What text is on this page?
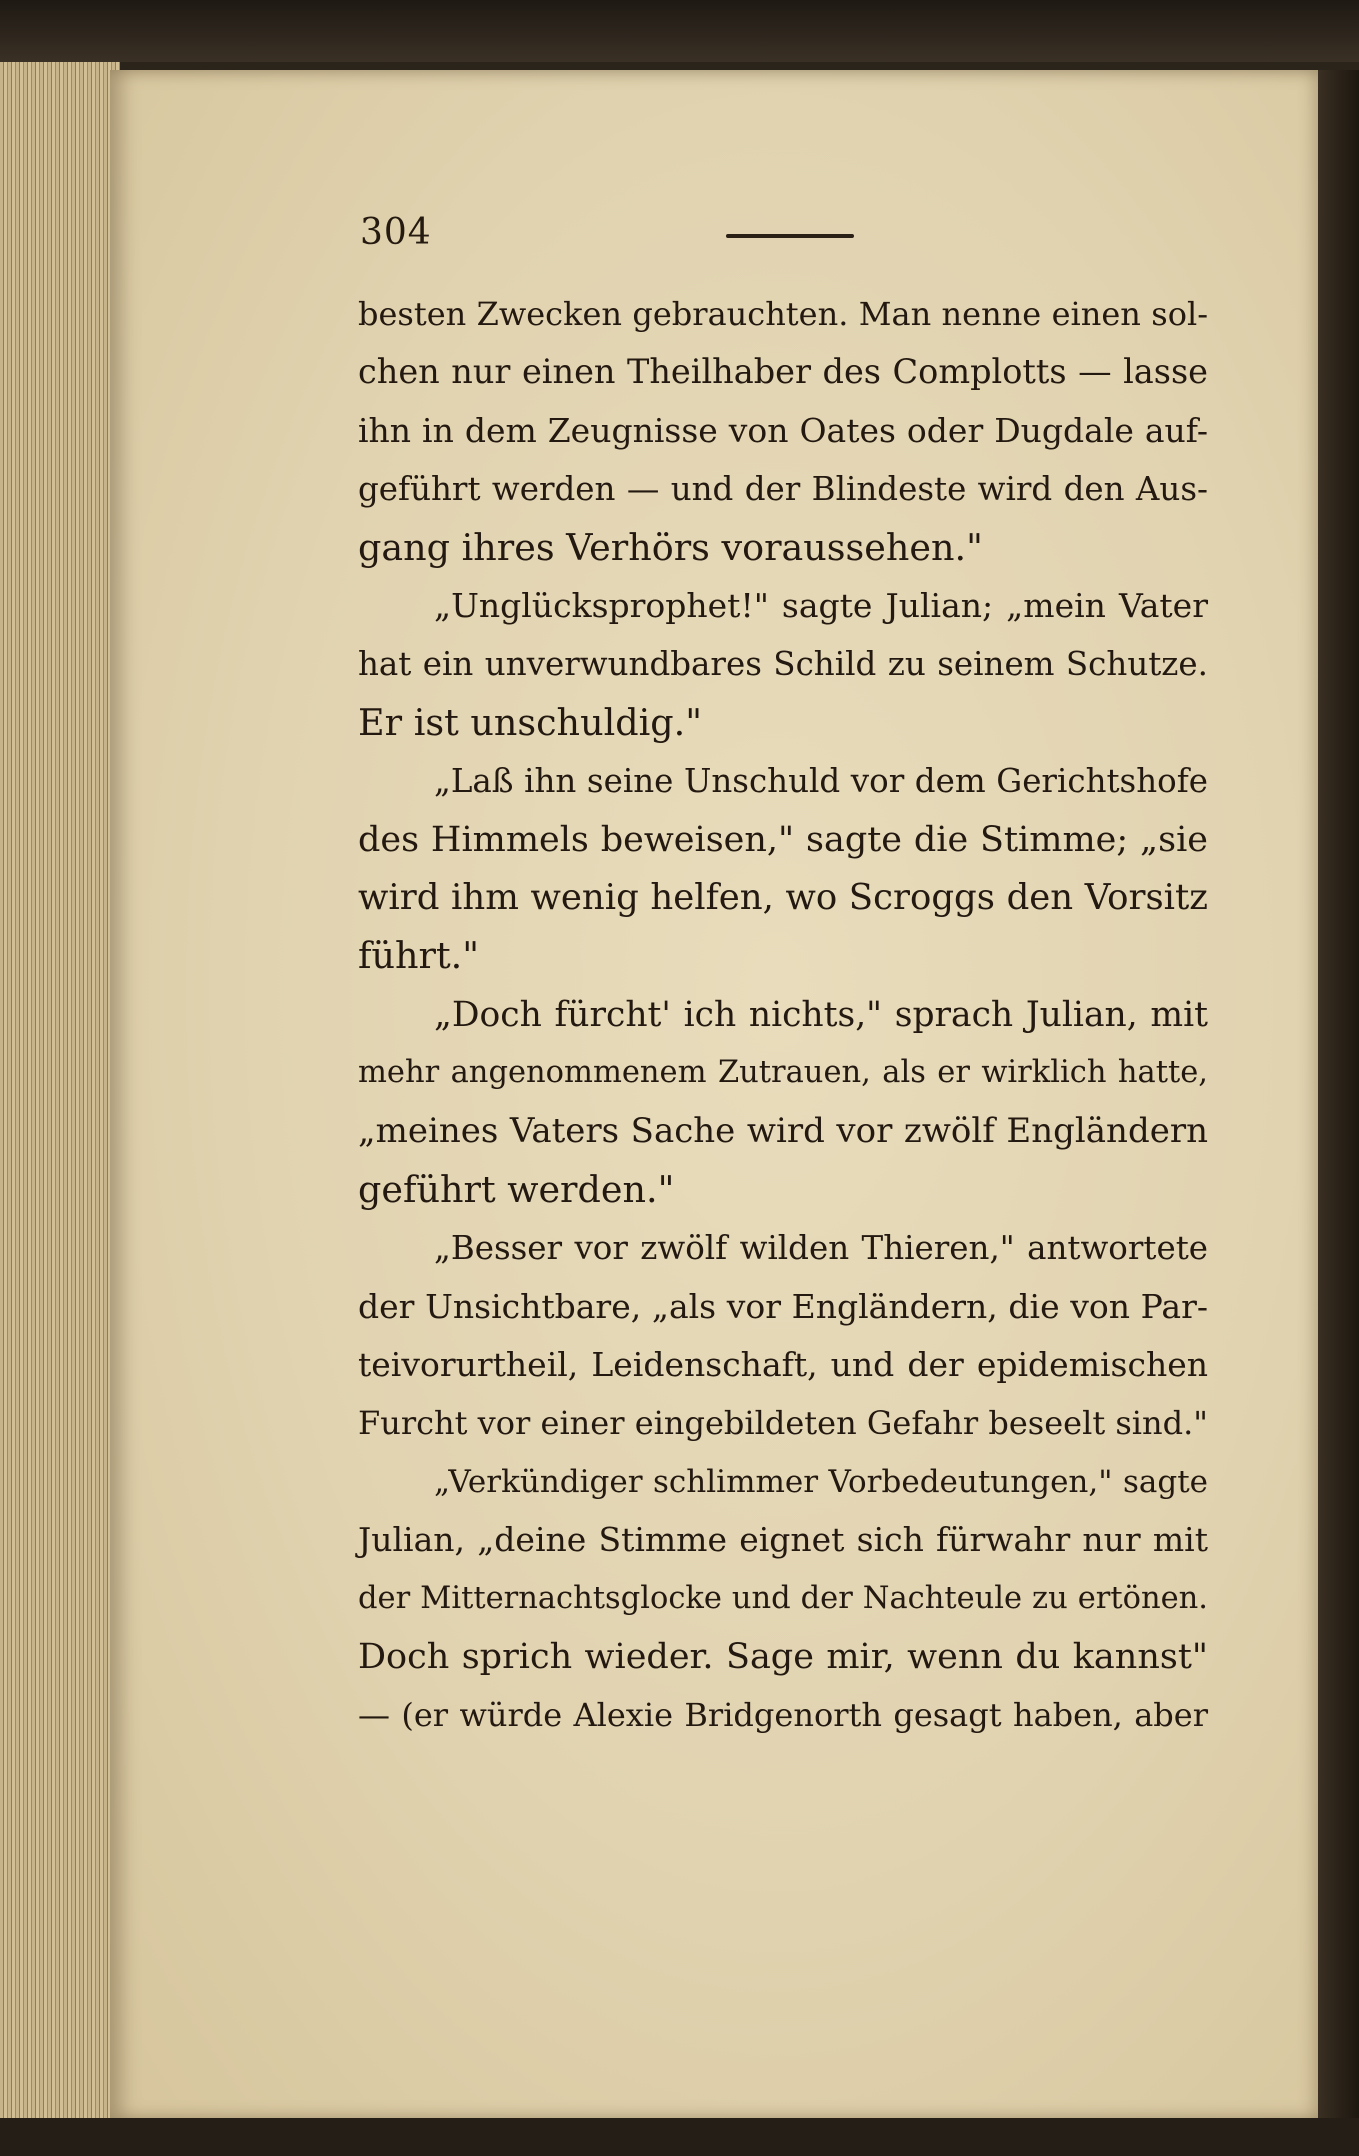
304
besten Zwecken gebrauchten. Man nenne einen sol-
chen nur einen Theilhaber des Complotts — lasse
ihn in dem Zeugnisse von Oates oder Dugdale auf-
geführt werden — und der Blindeste wird den Aus-
gang ihres Verhörs voraussehen."
„Unglücksprophet!" sagte Julian; „mein Vater
hat ein unverwundbares Schild zu seinem Schutze.
Er ist unschuldig."
„Laß ihn seine Unschuld vor dem Gerichtshofe
des Himmels beweisen," sagte die Stimme; „sie
wird ihm wenig helfen, wo Scroggs den Vorsitz
führt."
„Doch fürcht' ich nichts," sprach Julian, mit
mehr angenommenem Zutrauen, als er wirklich hatte,
„meines Vaters Sache wird vor zwölf Engländern
geführt werden."
„Besser vor zwölf wilden Thieren," antwortete
der Unsichtbare, „als vor Engländern, die von Par-
teivorurtheil, Leidenschaft, und der epidemischen
Furcht vor einer eingebildeten Gefahr beseelt sind."
„Verkündiger schlimmer Vorbedeutungen," sagte
Julian, „deine Stimme eignet sich fürwahr nur mit
der Mitternachtsglocke und der Nachteule zu ertönen.
Doch sprich wieder. Sage mir, wenn du kannst"
— (er würde Alexie Bridgenorth gesagt haben, aber
